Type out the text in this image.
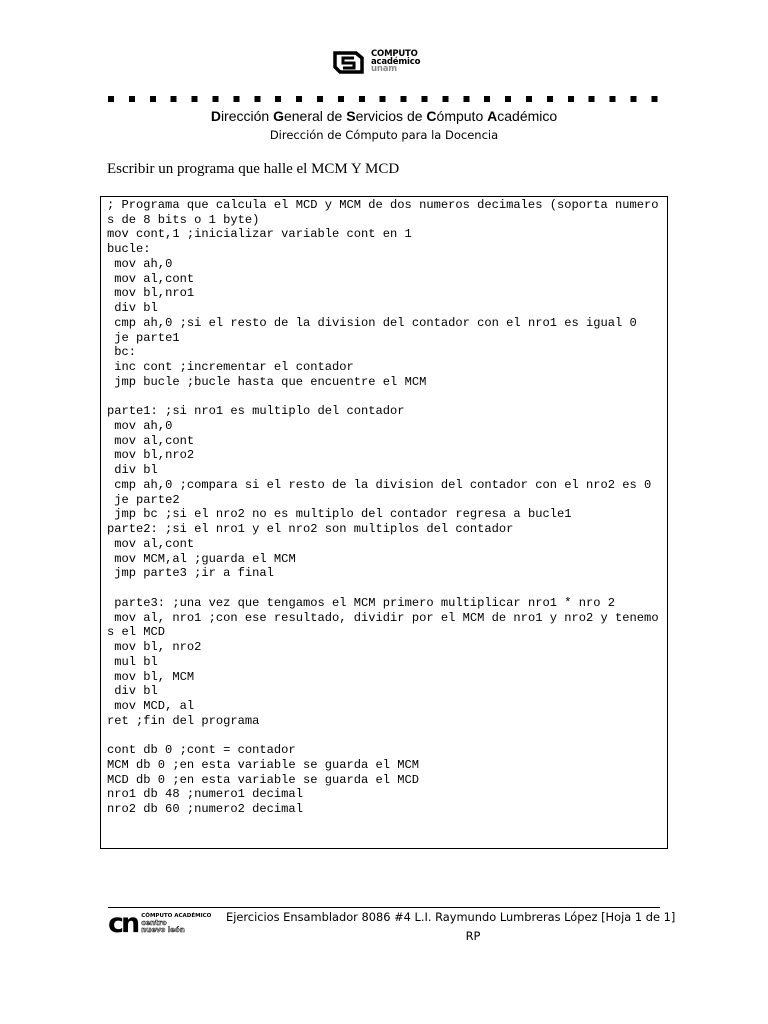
COMPUTO
académico
unam
Dirección General de Servicios de Cómputo Académico
Dirección de Cómputo para la Docencia
Escribir un programa que halle el MCM Y MCD
; Programa que calcula el MCD y MCM de dos numeros decimales (soporta numeros de 8 bits o 1 byte)
mov cont,1 ;inicializar variable cont en 1
bucle:
mov ah,0
mov al,cont
mov bl,nro1
div bl
cmp ah,0 ;si el resto de la division del contador con el nro1 es igual 0
je parte1
bc:
inc cont ;incrementar el contador
jmp bucle ;bucle hasta que encuentre el MCM

parte1: ;si nro1 es multiplo del contador
mov ah,0
mov al,cont
mov bl,nro2
div bl
cmp ah,0 ;compara si el resto de la division del contador con el nro2 es 0
je parte2
jmp bc ;si el nro2 no es multiplo del contador regresa a bucle1
parte2: ;si el nro1 y el nro2 son multiplos del contador
mov al,cont
mov MCM,al ;guarda el MCM
jmp parte3 ;ir a final

parte3: ;una vez que tengamos el MCM primero multiplicar nro1 * nro 2
mov al, nro1 ;con ese resultado, dividir por el MCM de nro1 y nro2 y tenemos el MCD
mov bl, nro2
mul bl
mov bl, MCM
div bl
mov MCD, al
ret ;fin del programa

cont db 0 ;cont = contador
MCM db 0 ;en esta variable se guarda el MCM
MCD db 0 ;en esta variable se guarda el MCD
nro1 db 48 ;numero1 decimal
nro2 db 60 ;numero2 decimal
cn CÓMPUTO ACADÉMICO
centro
nuevo león
Ejercicios Ensamblador 8086 #4 L.I. Raymundo Lumbreras López [Hoja 1 de 1]
RP
